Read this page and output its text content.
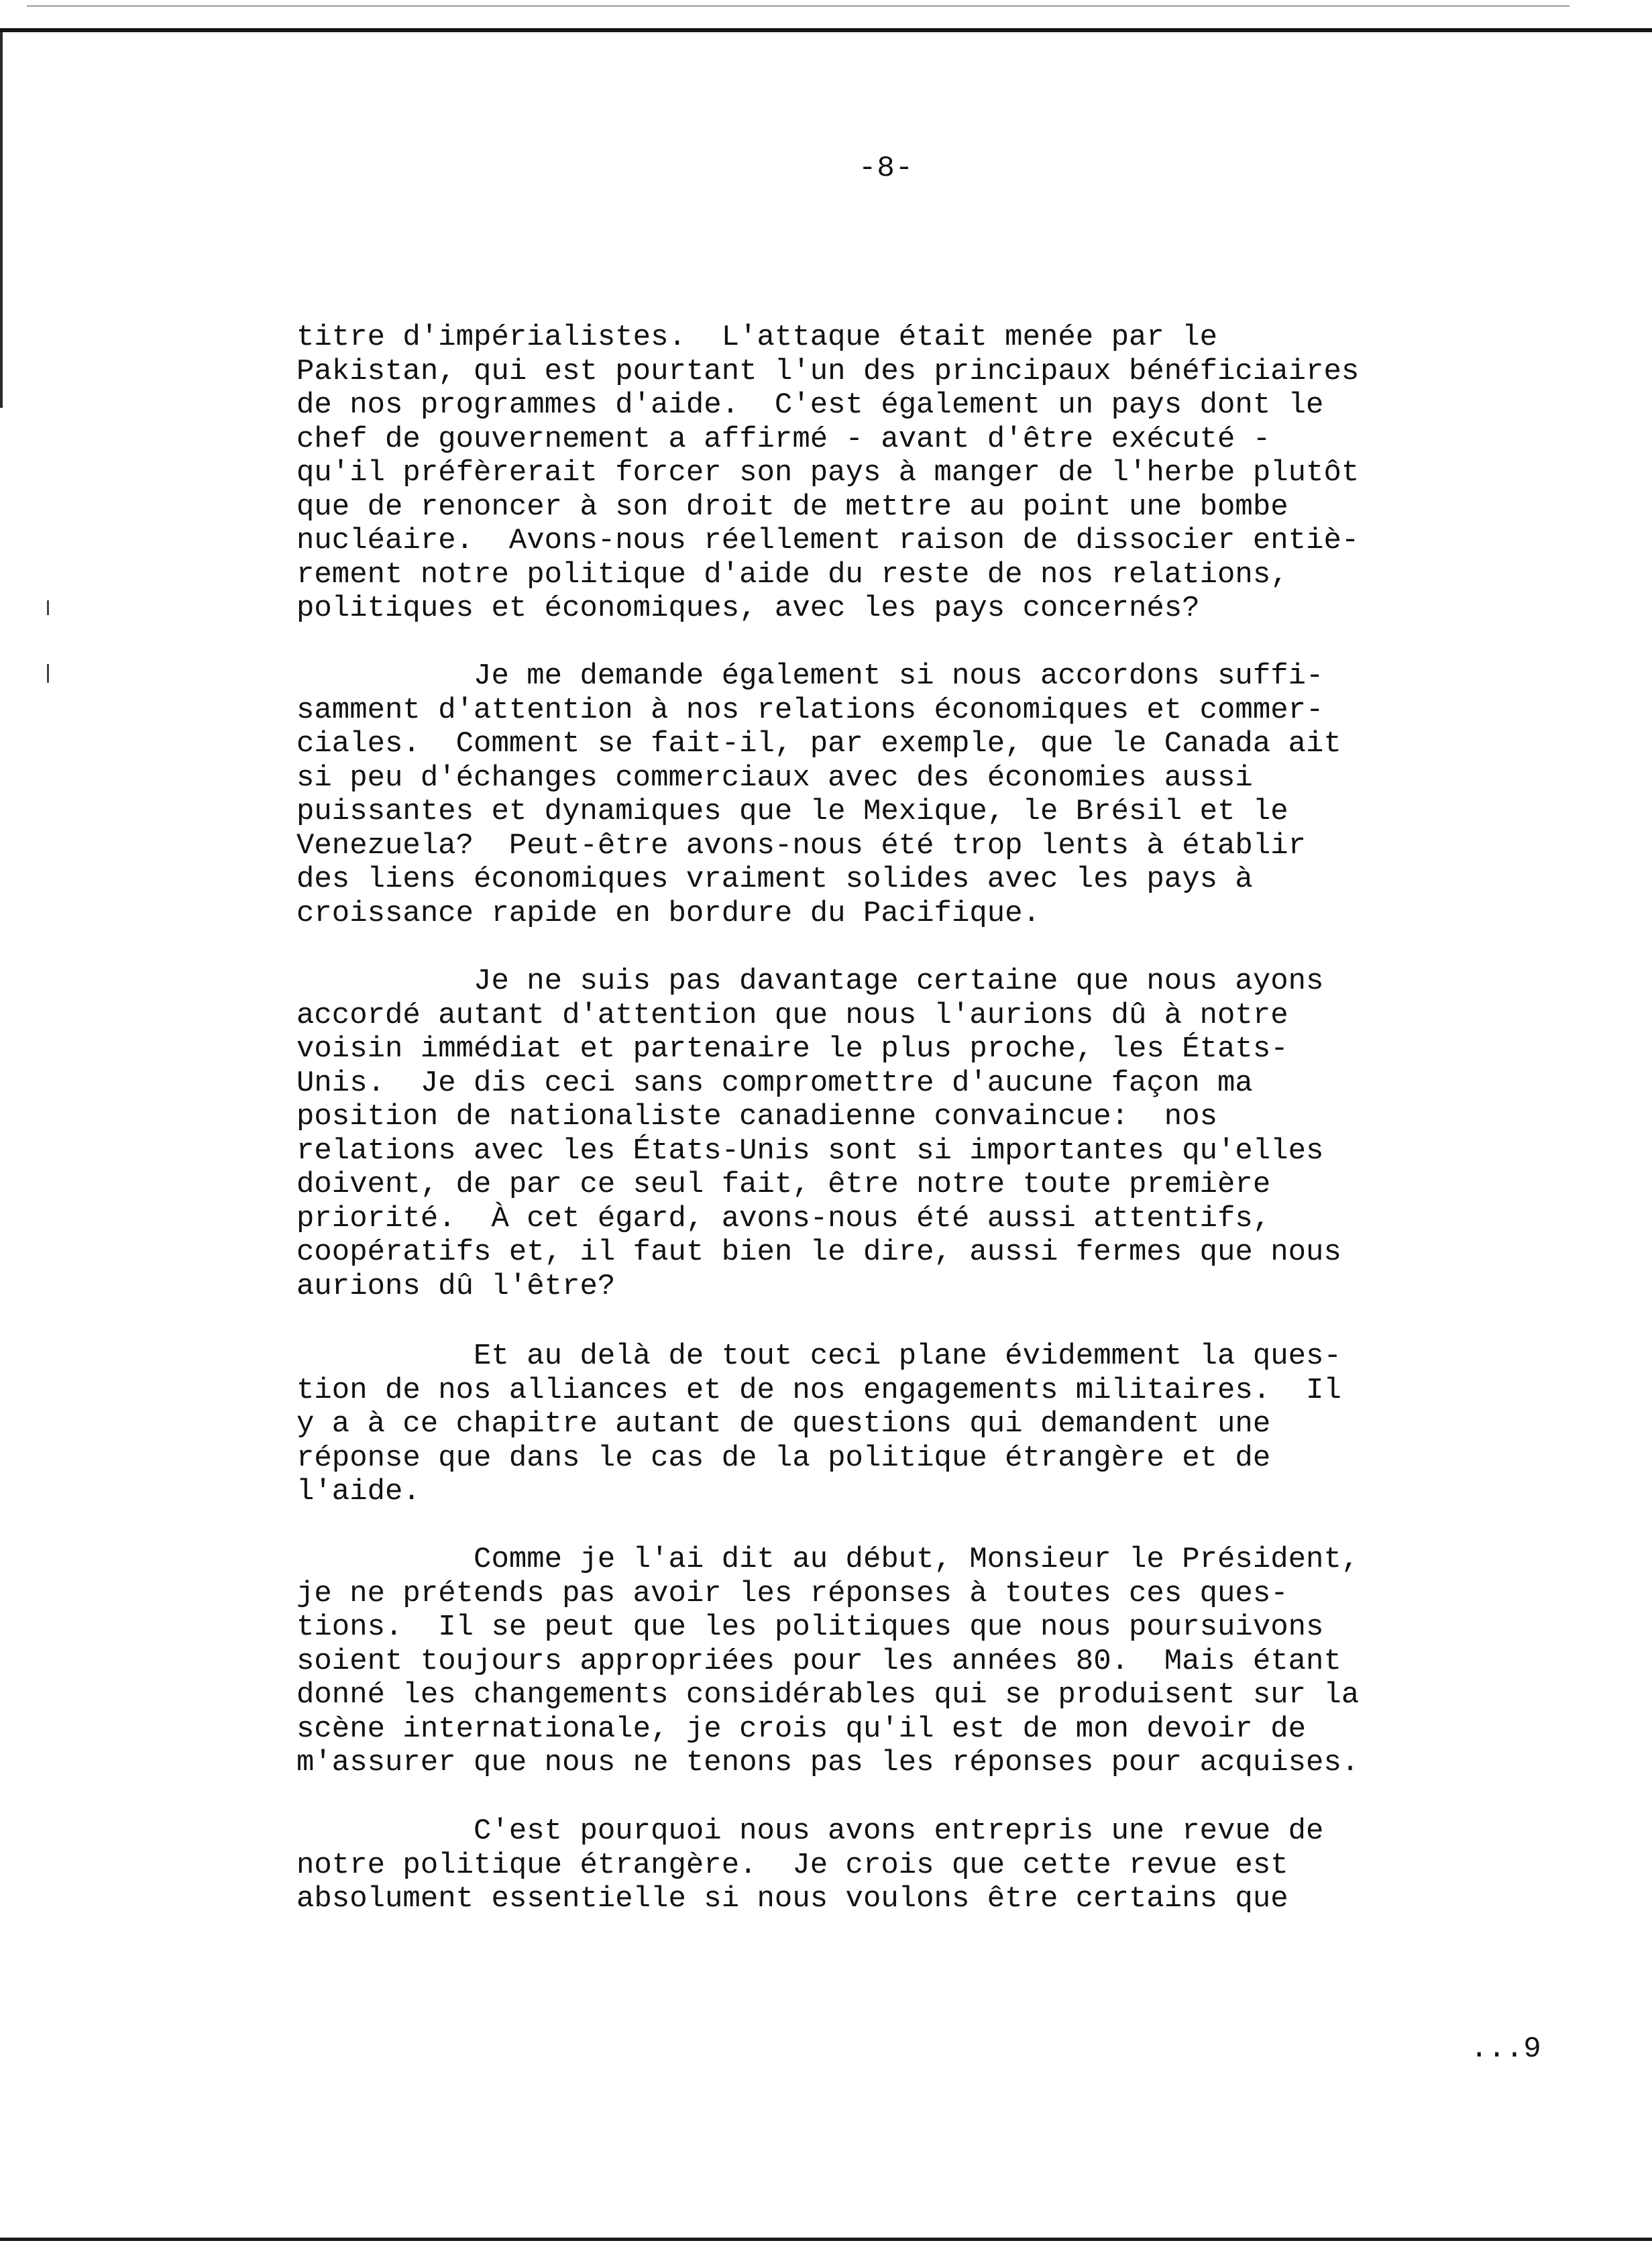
-8-

titre d'impérialistes.  L'attaque était menée par le

Pakistan, qui est pourtant l'un des principaux bénéficiaires

de nos programmes d'aide.  C'est également un pays dont le

chef de gouvernement a affirmé - avant d'être exécuté -

qu'il préfèrerait forcer son pays à manger de l'herbe plutôt

que de renoncer à son droit de mettre au point une bombe

nucléaire.  Avons-nous réellement raison de dissocier entiè-

rement notre politique d'aide du reste de nos relations,

politiques et économiques, avec les pays concernés?

Je me demande également si nous accordons suffi-

samment d'attention à nos relations économiques et commer-

ciales.  Comment se fait-il, par exemple, que le Canada ait

si peu d'échanges commerciaux avec des économies aussi

puissantes et dynamiques que le Mexique, le Brésil et le

Venezuela?  Peut-être avons-nous été trop lents à établir

des liens économiques vraiment solides avec les pays à

croissance rapide en bordure du Pacifique.

Je ne suis pas davantage certaine que nous ayons

accordé autant d'attention que nous l'aurions dû à notre

voisin immédiat et partenaire le plus proche, les États-

Unis.  Je dis ceci sans compromettre d'aucune façon ma

position de nationaliste canadienne convaincue:  nos

relations avec les États-Unis sont si importantes qu'elles

doivent, de par ce seul fait, être notre toute première

priorité.  À cet égard, avons-nous été aussi attentifs,

coopératifs et, il faut bien le dire, aussi fermes que nous

aurions dû l'être?

Et au delà de tout ceci plane évidemment la ques-

tion de nos alliances et de nos engagements militaires.  Il

y a à ce chapitre autant de questions qui demandent une

réponse que dans le cas de la politique étrangère et de

l'aide.

Comme je l'ai dit au début, Monsieur le Président,

je ne prétends pas avoir les réponses à toutes ces ques-

tions.  Il se peut que les politiques que nous poursuivons

soient toujours appropriées pour les années 80.  Mais étant

donné les changements considérables qui se produisent sur la

scène internationale, je crois qu'il est de mon devoir de

m'assurer que nous ne tenons pas les réponses pour acquises.

C'est pourquoi nous avons entrepris une revue de

notre politique étrangère.  Je crois que cette revue est

absolument essentielle si nous voulons être certains que

...9
